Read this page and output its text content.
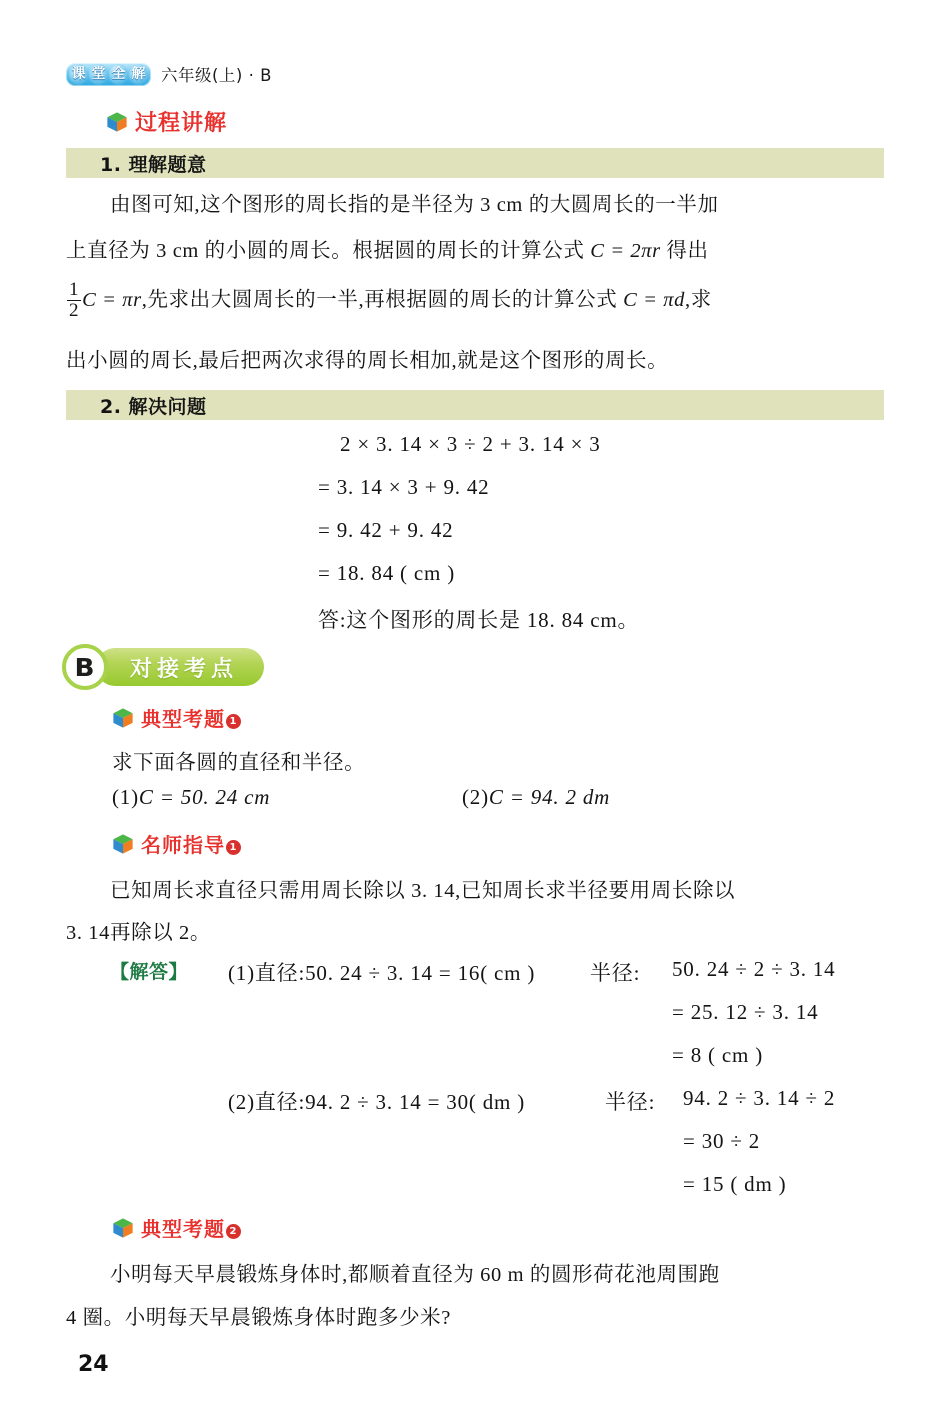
课 堂 全 解 六年级(上) · B
过程讲解
1. 理解题意
由图可知,这个图形的周长指的是半径为 3 cm 的大圆周长的一半加
上直径为 3 cm 的小圆的周长。根据圆的周长的计算公式 C = 2πr 得出
$\frac{1}{2}$ C = πr,先求出大圆周长的一半,再根据圆的周长的计算公式 C = πd,求
出小圆的周长,最后把两次求得的周长相加,就是这个图形的周长。
2. 解决问题
2 × 3. 14 × 3 ÷ 2 + 3. 14 × 3
= 3. 14 × 3 + 9. 42
= 9. 42 + 9. 42
= 18. 84 ( cm )
答:这个图形的周长是 18. 84 cm。
B 对接考点
典型考题 1
求下面各圆的直径和半径。
(1)C = 50. 24 cm	(2)C = 94. 2 dm
名师指导 1
已知周长求直径只需用周长除以 3. 14,已知周长求半径要用周长除以
3. 14再除以 2。
【解答】 (1)直径:50. 24 ÷ 3. 14 = 16( cm )	半径: 50. 24 ÷ 2 ÷ 3. 14
= 25. 12 ÷ 3. 14
= 8 ( cm )
(2)直径:94. 2 ÷ 3. 14 = 30( dm )	半径: 94. 2 ÷ 3. 14 ÷ 2
= 30 ÷ 2
= 15 ( dm )
典型考题 2
小明每天早晨锻炼身体时,都顺着直径为 60 m 的圆形荷花池周围跑
4 圈。小明每天早晨锻炼身体时跑多少米?
24
